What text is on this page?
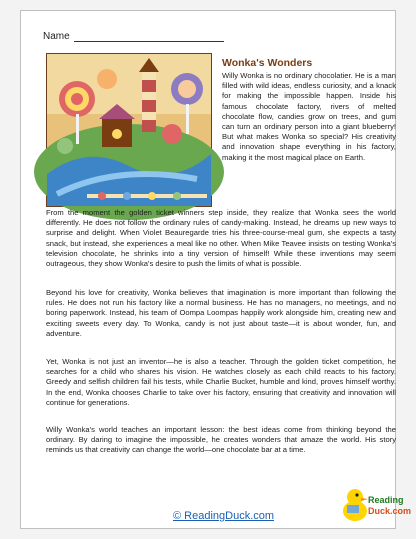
Name
Wonka's Wonders
Willy Wonka is no ordinary chocolatier. He is a man filled with wild ideas, endless curiosity, and a knack for making the impossible happen. Inside his famous chocolate factory, rivers of melted chocolate flow, candies grow on trees, and gum can turn an ordinary person into a giant blueberry! But what makes Wonka so special? His creativity and innovation shape everything in his factory, making it the most magical place on Earth.
From the moment the golden ticket winners step inside, they realize that Wonka sees the world differently. He does not follow the ordinary rules of candy-making. Instead, he dreams up new ways to surprise and delight. When Violet Beauregarde tries his three-course-meal gum, she expects a tasty snack, but instead, she experiences a meal like no other. When Mike Teavee insists on testing Wonka's television chocolate, he shrinks into a tiny version of himself! While these inventions may seem outrageous, they show Wonka's desire to push the limits of what is possible.
Beyond his love for creativity, Wonka believes that imagination is more important than following the rules. He does not run his factory like a normal business. He has no managers, no meetings, and no boring paperwork. Instead, his team of Oompa Loompas happily work alongside him, creating new and exciting sweets every day. To Wonka, candy is not just about taste—it is about wonder, fun, and adventure.
Yet, Wonka is not just an inventor—he is also a teacher. Through the golden ticket competition, he searches for a child who shares his vision. He watches closely as each child reacts to his factory. Greedy and selfish children fail his tests, while Charlie Bucket, humble and kind, proves himself worthy. In the end, Wonka chooses Charlie to take over his factory, ensuring that creativity and innovation will continue for generations.
Willy Wonka's world teaches an important lesson: the best ideas come from thinking beyond the ordinary. By daring to imagine the impossible, he creates wonders that amaze the world. His story reminds us that creativity can change the world—one chocolate bar at a time.
© ReadingDuck.com
Reading
Duck.com
